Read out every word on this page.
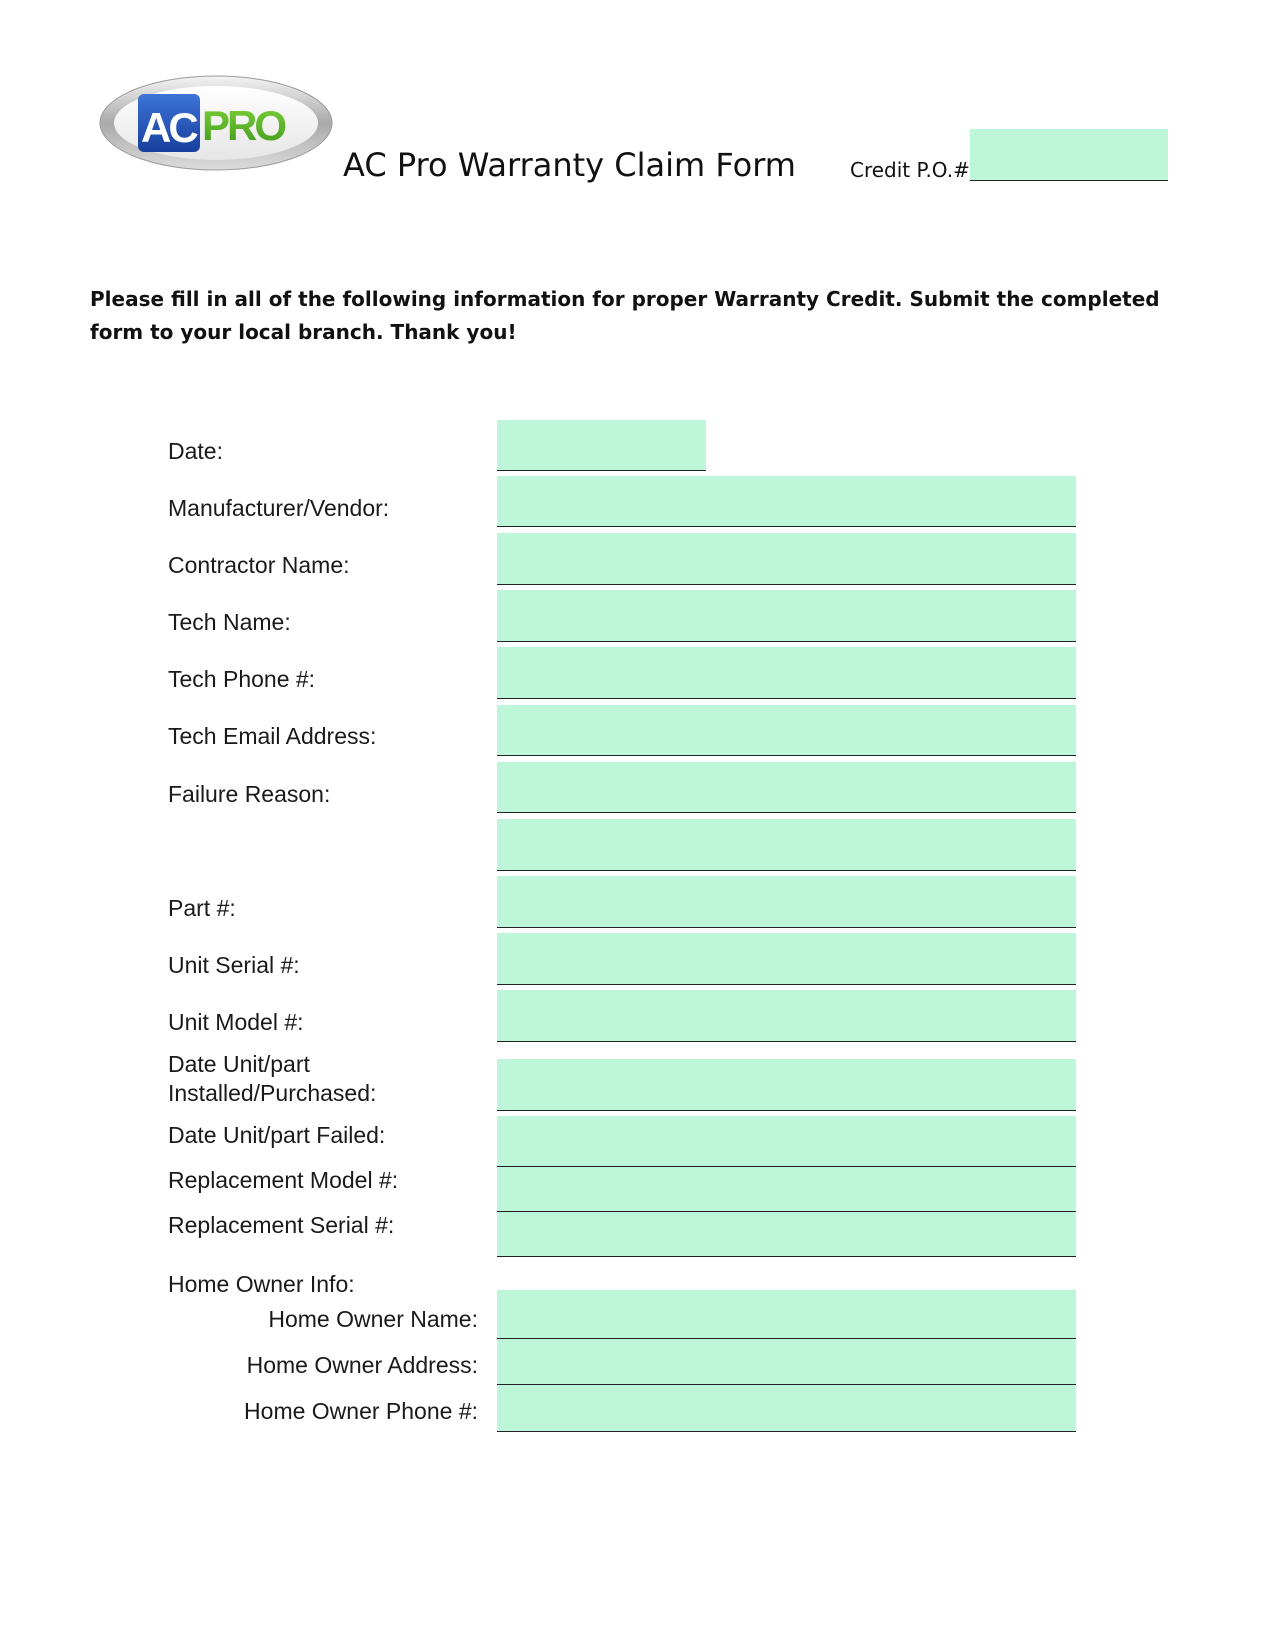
AC PRO
AC Pro Warranty Claim Form	Credit P.O.#
Please fill in all of the following information for proper Warranty Credit. Submit the completed form to your local branch. Thank you!
Date:
Manufacturer/Vendor:
Contractor Name:
Tech Name:
Tech Phone #:
Tech Email Address:
Failure Reason:
Part #:
Unit Serial #:
Unit Model #:
Date Unit/part
Installed/Purchased:
Date Unit/part Failed:
Replacement Model #:
Replacement Serial #:
Home Owner Info:
Home Owner Name:
Home Owner Address:
Home Owner Phone #:
